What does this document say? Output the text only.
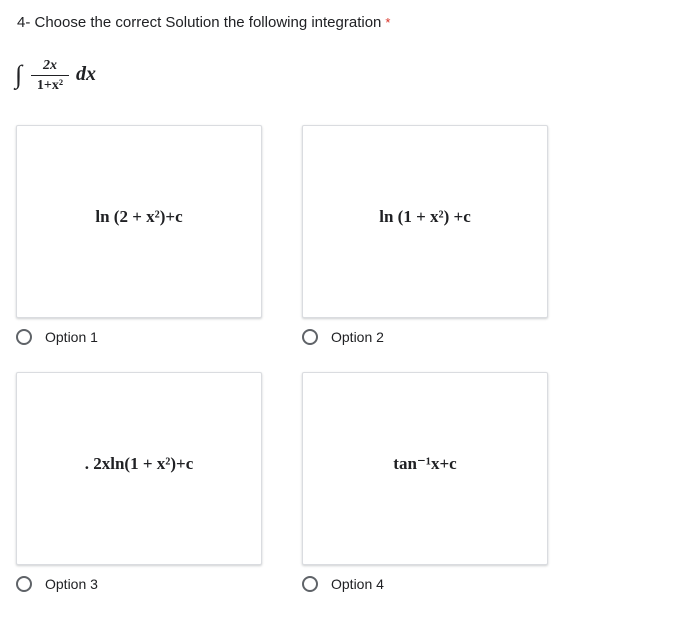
4- Choose the correct Solution the following integration *
∫	2x
1+x²
dx
ln (2 + x²)+c	ln (1 + x²) +c
. 2xln(1 + x²)+c	tan⁻¹x+c
Option 1	Option 2
Option 3	Option 4
